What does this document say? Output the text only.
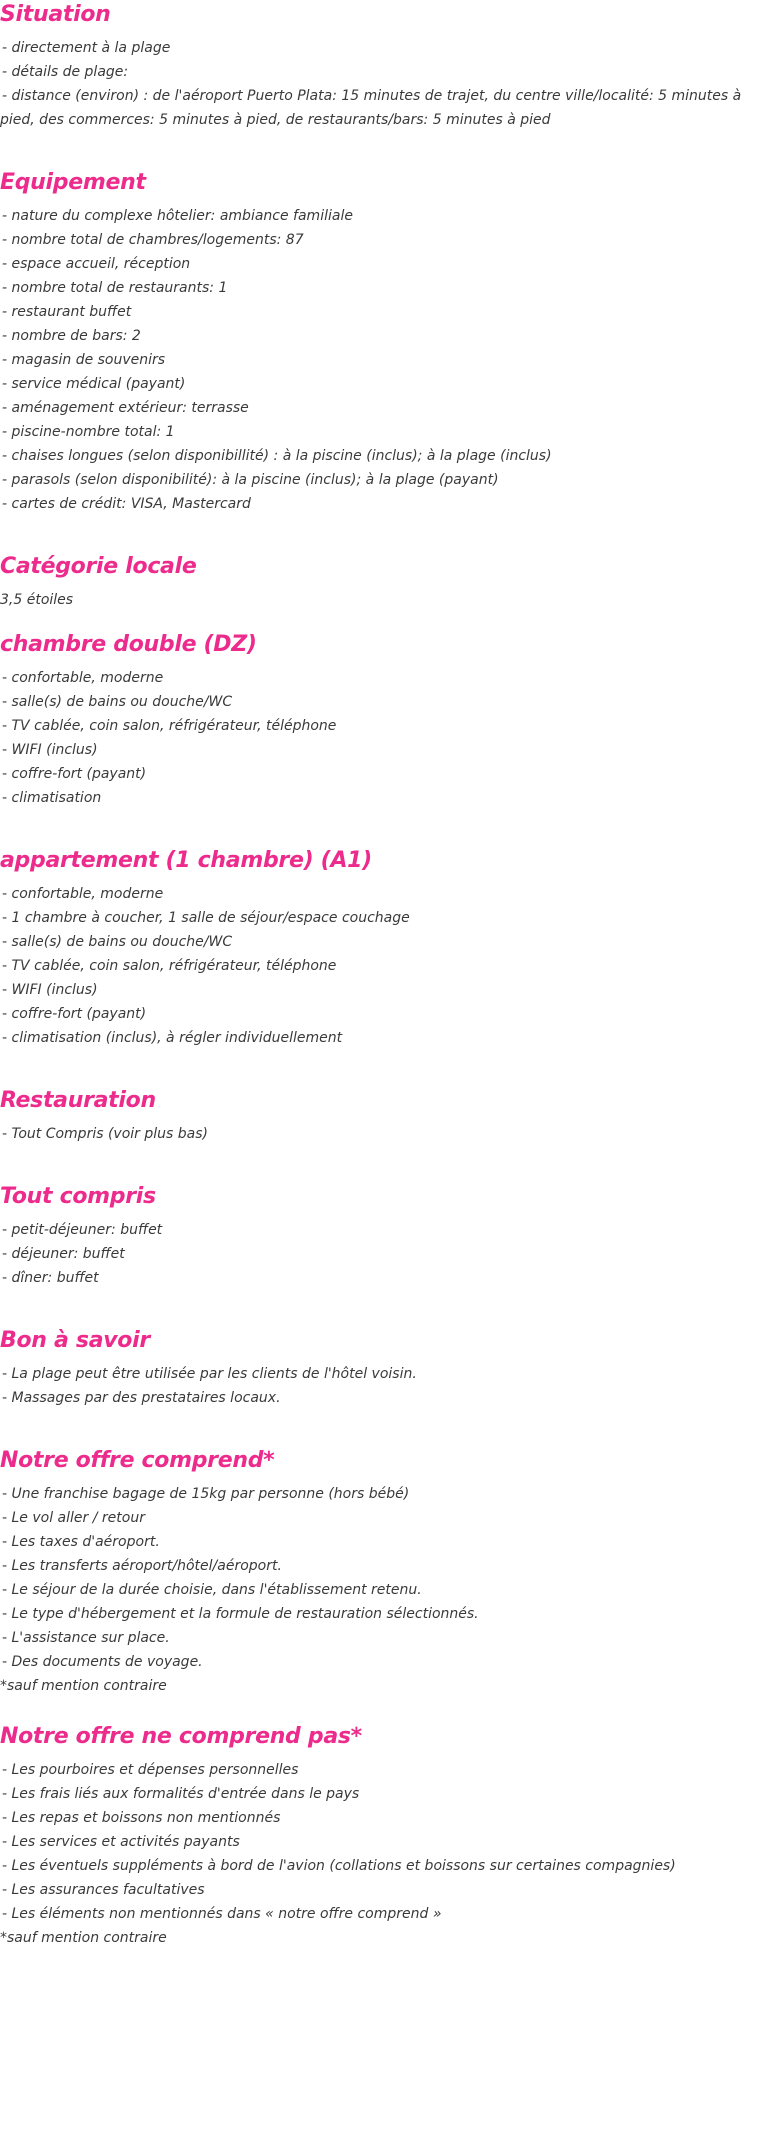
Situation
- directement à la plage
- détails de plage:
- distance (environ) : de l'aéroport Puerto Plata: 15 minutes de trajet, du centre ville/localité: 5 minutes à pied, des commerces: 5 minutes à pied, de restaurants/bars: 5 minutes à pied
Equipement
- nature du complexe hôtelier: ambiance familiale
- nombre total de chambres/logements: 87
- espace accueil, réception
- nombre total de restaurants: 1
- restaurant buffet
- nombre de bars: 2
- magasin de souvenirs
- service médical (payant)
- aménagement extérieur: terrasse
- piscine-nombre total: 1
- chaises longues (selon disponibillité) : à la piscine (inclus); à la plage (inclus)
- parasols (selon disponibilité): à la piscine (inclus); à la plage (payant)
- cartes de crédit: VISA, Mastercard
Catégorie locale

3,5 étoiles

chambre double (DZ)
- confortable, moderne
- salle(s) de bains ou douche/WC
- TV cablée, coin salon, réfrigérateur, téléphone
- WIFI (inclus)
- coffre-fort (payant)
- climatisation
appartement (1 chambre) (A1)
- confortable, moderne
- 1 chambre à coucher, 1 salle de séjour/espace couchage
- salle(s) de bains ou douche/WC
- TV cablée, coin salon, réfrigérateur, téléphone
- WIFI (inclus)
- coffre-fort (payant)
- climatisation (inclus), à régler individuellement
Restauration
- Tout Compris (voir plus bas)
Tout compris
- petit-déjeuner: buffet
- déjeuner: buffet
- dîner: buffet
Bon à savoir
- La plage peut être utilisée par les clients de l'hôtel voisin.
- Massages par des prestataires locaux.
Notre offre comprend*
- Une franchise bagage de 15kg par personne (hors bébé)
- Le vol aller / retour
- Les taxes d'aéroport.
- Les transferts aéroport/hôtel/aéroport.
- Le séjour de la durée choisie, dans l'établissement retenu.
- Le type d'hébergement et la formule de restauration sélectionnés.
- L'assistance sur place.
- Des documents de voyage.

*sauf mention contraire

Notre offre ne comprend pas*
- Les pourboires et dépenses personnelles
- Les frais liés aux formalités d'entrée dans le pays
- Les repas et boissons non mentionnés
- Les services et activités payants
- Les éventuels suppléments à bord de l'avion (collations et boissons sur certaines compagnies)
- Les assurances facultatives
- Les éléments non mentionnés dans « notre offre comprend »

*sauf mention contraire
